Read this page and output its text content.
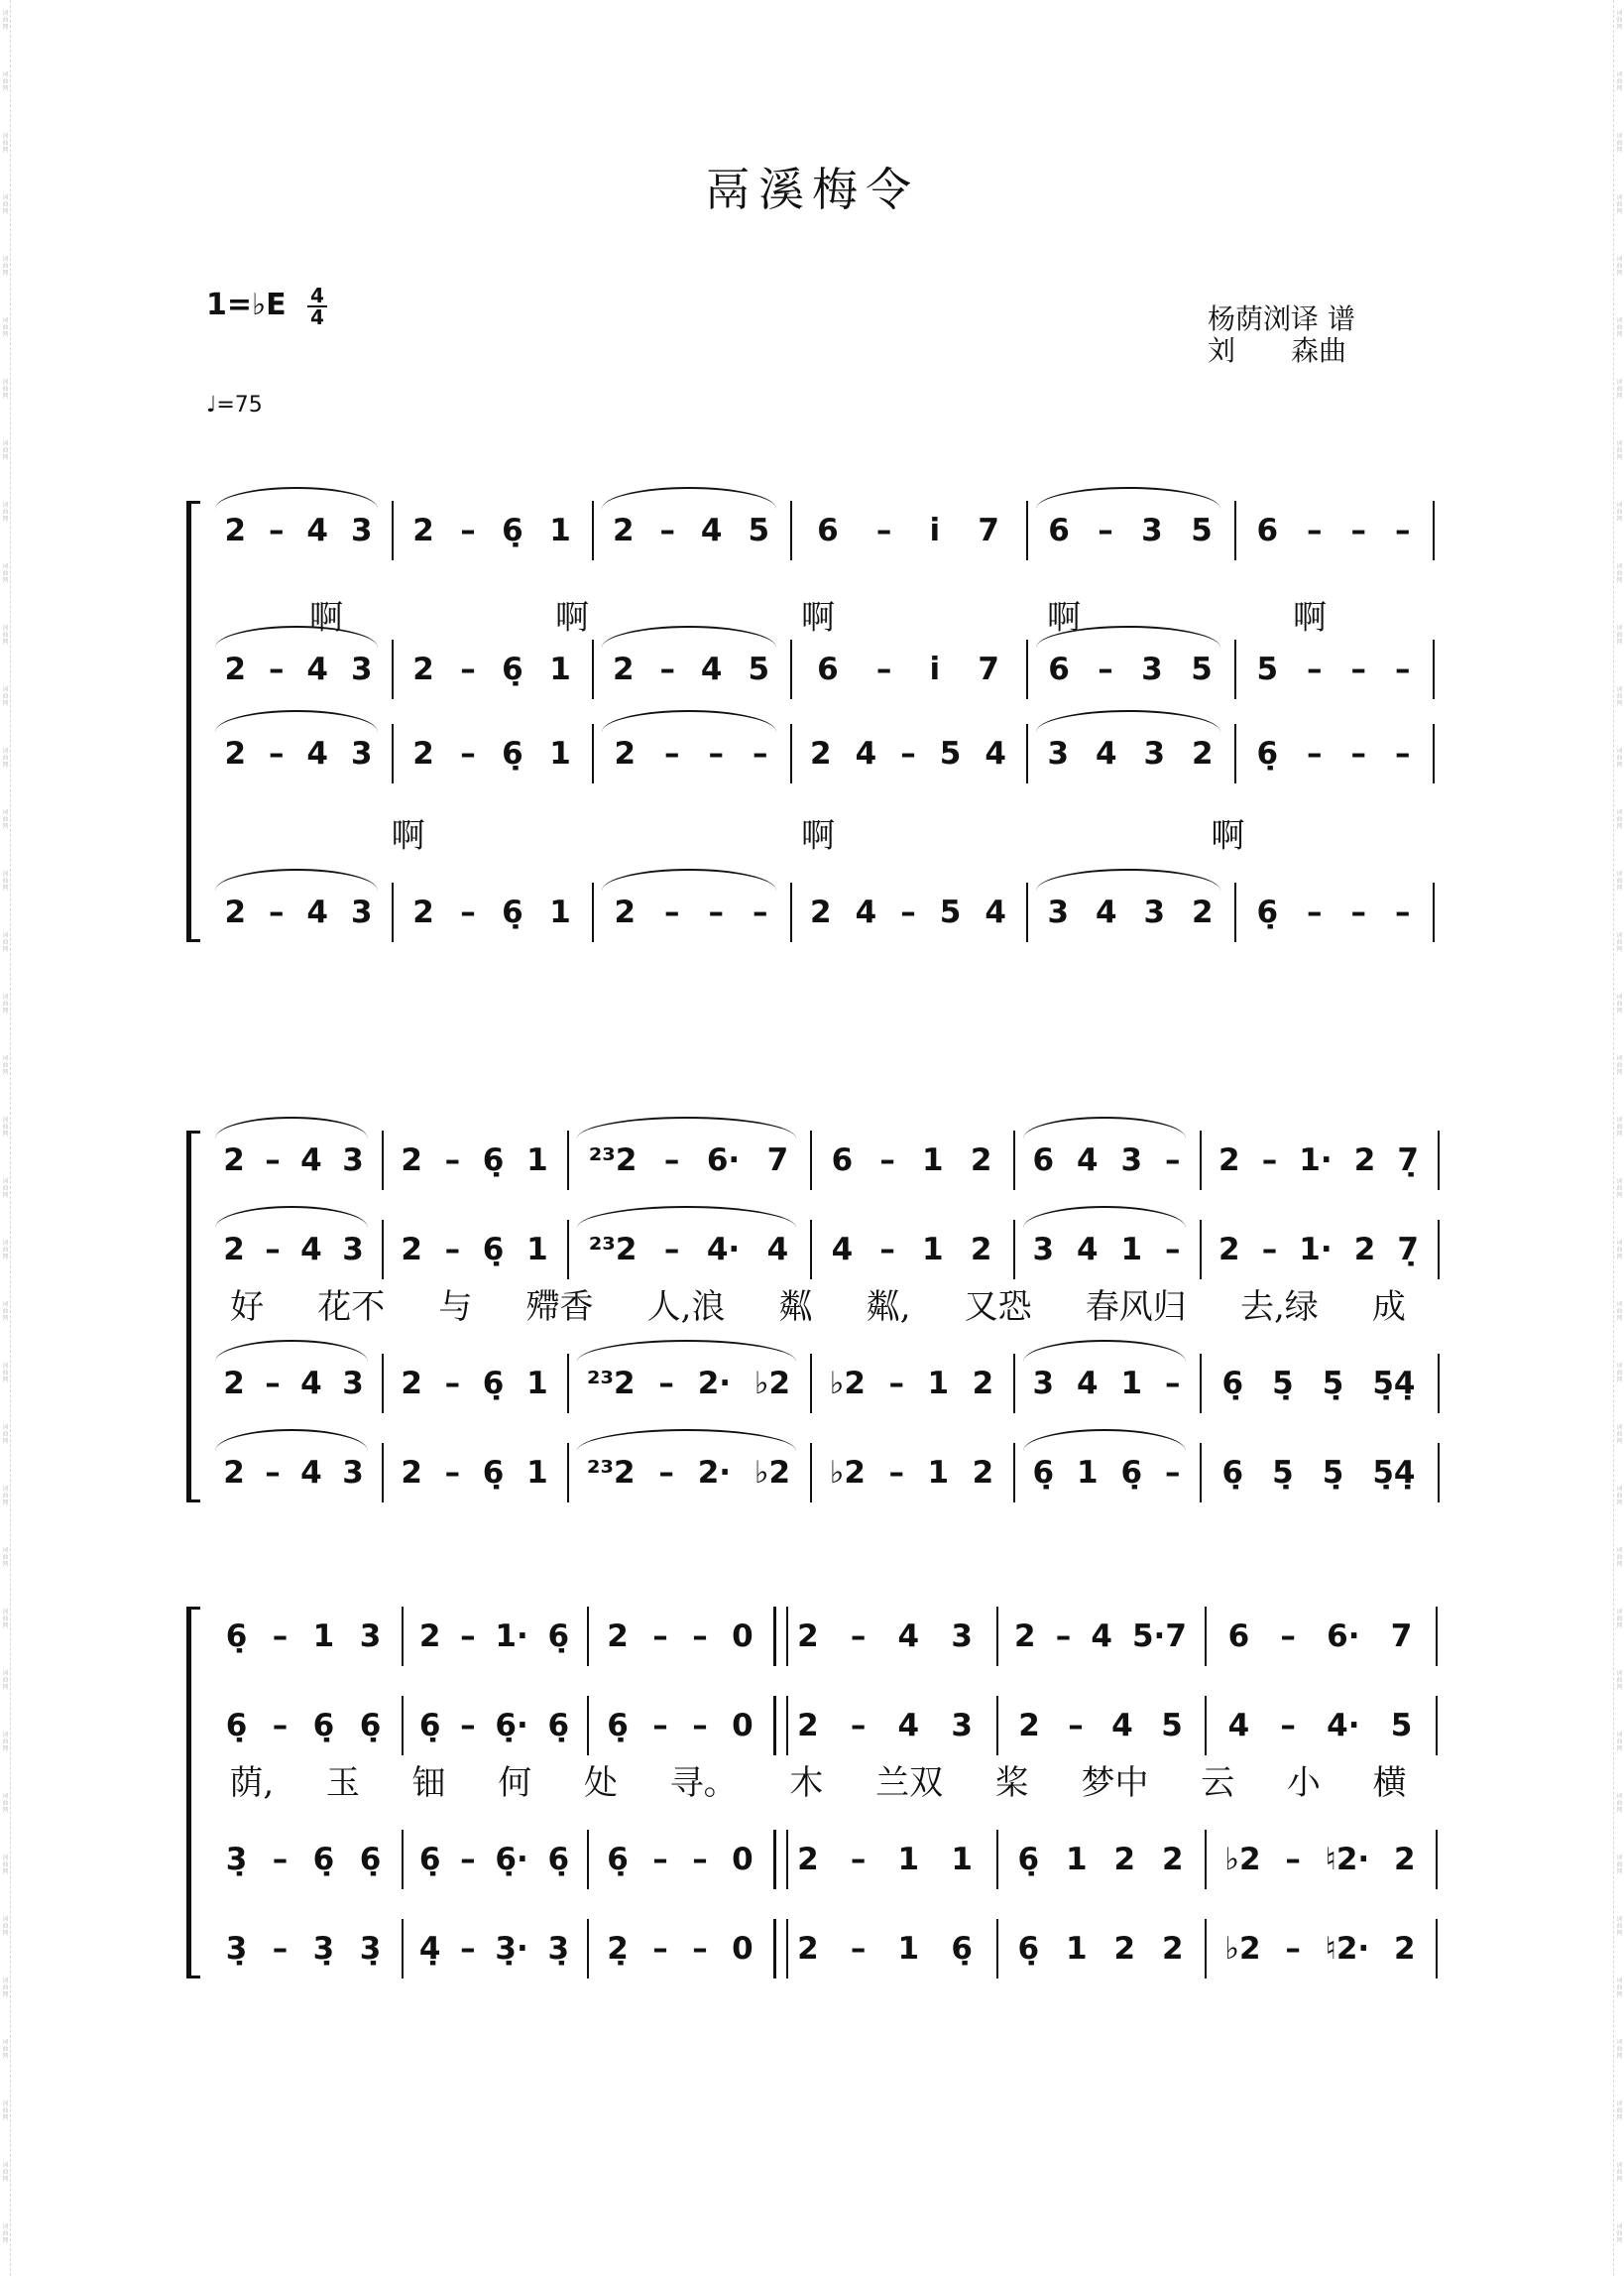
词
曲
网
词
曲
网
词
曲
网
词
曲
网
词
曲
网
词
曲
网
词
曲
网
词
曲
网
词
曲
网
词
曲
网
词
曲
网
词
曲
网
词
曲
网
词
曲
网
词
曲
网
词
曲
网
词
曲
网
词
曲
网
词
曲
网
词
曲
网
词
曲
网
词
曲
网
词
曲
网
词
曲
网
词
曲
网
词
曲
网
词
曲
网
词
曲
网
词
曲
网
词
曲
网
词
曲
网
词
曲
网
词
曲
网
词
曲
网
词
曲
网
词
曲
网
词
曲
网
词
曲
网
词
曲
网
词
曲
网
词
曲
网
词
曲
网
词
曲
网
词
曲
网
词
曲
网
词
曲
网
词
曲
网
词
曲
网
词
曲
网
词
曲
网
词
曲
网
词
曲
网
词
曲
网
词
曲
网
词
曲
网
词
曲
网
词
曲
网
词
曲
网
词
曲
网
词
曲
网
词
曲
网
词
曲
网
词
曲
网
词
曲
网
词
曲
网
词
曲
网
词
曲
网
词
曲
网
词
曲
网
词
曲
网
词
曲
网
词
曲
网
词
曲
网
词
曲
网
鬲溪梅令
1=♭E 4
4
♩=75
杨荫浏译 谱
刘　　森曲
2 – 4 3 2 – 6̣ 1 2 – 4 5 6 – i̇ 7 6 – 3 5 6 – – –
啊	啊	啊	啊	啊
2 – 4 3 2 – 6̣ 1 2 – 4 5 6 – i̇ 7 6 – 3 5 5 – – –
2 – 4 3 2 – 6̣ 1 2 – – – 2 4 – 5 4 3 4 3 2 6̣ – – –
啊	啊	啊
2 – 4 3 2 – 6̣ 1 2 – – – 2 4 – 5 4 3 4 3 2 6̣ – – –
2 – 4 3 2 – 6̣ 1 ²³2 – 6· 7 6 – 1 2 6 4 3 – 2 – 1· 2 7̣
2 – 4 3 2 – 6̣ 1 ²³2 – 4· 4 4 – 1 2 3 4 1 – 2 – 1· 2 7̣
好 花不 与 殢香 人,浪 粼 粼, 又恐 春风归 去,绿 成
2 – 4 3 2 – 6̣ 1 ²³2 – 2· ♭2 ♭2 – 1 2 3 4 1 – 6̣ 5̣ 5̣ 5̣4̣
2 – 4 3 2 – 6̣ 1 ²³2 – 2· ♭2 ♭2 – 1 2 6̣ 1 6̣ – 6̣ 5̣ 5̣ 5̣4̣
6̣ – 1 3 2 – 1· 6̣ 2 – – 0 2 – 4 3 2 – 4 5·7 6 – 6· 7
6̣ – 6̣ 6̣ 6̣ – 6̣· 6̣ 6̣ – – 0 2 – 4 3 2 – 4 5 4 – 4· 5
荫, 玉 钿 何 处 寻。 木 兰双 桨 梦中 云 小 横
3̣ – 6̣ 6̣ 6̣ – 6̣· 6̣ 6̣ – – 0 2 – 1 1 6̣ 1 2 2 ♭2 – ♮2· 2
3̣ – 3̣ 3̣ 4̣ – 3̣· 3̣ 2̣ – – 0 2 – 1 6̣ 6̣ 1 2 2 ♭2 – ♮2· 2
